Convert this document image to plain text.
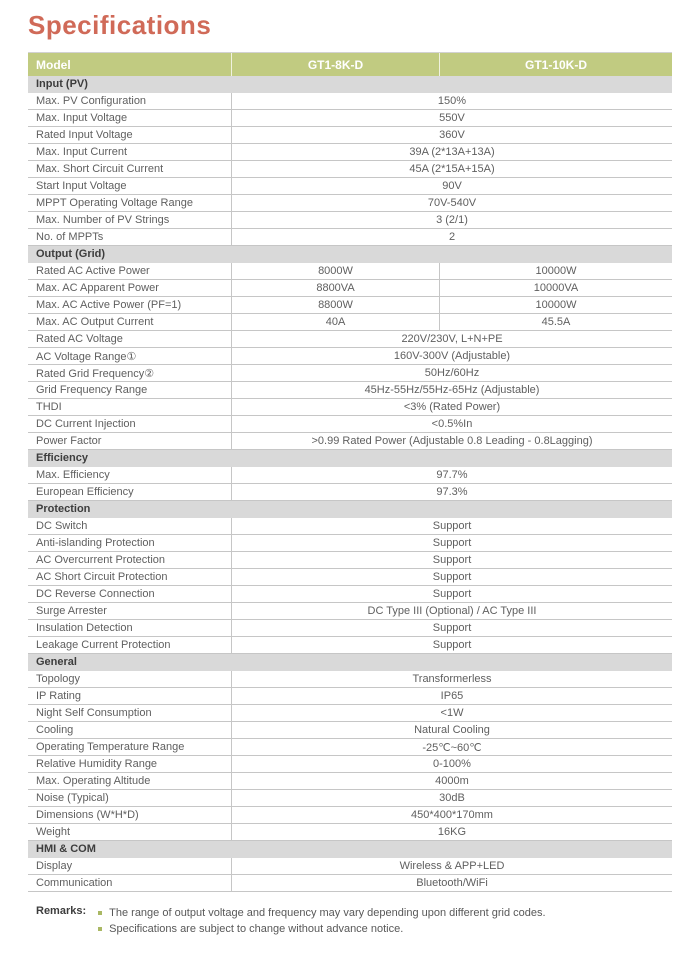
Specifications
Model	GT1-8K-D	GT1-10K-D
Input (PV)
Max. PV Configuration	150%
Max. Input Voltage	550V
Rated Input Voltage	360V
Max. Input Current	39A (2*13A+13A)
Max. Short Circuit Current	45A (2*15A+15A)
Start Input Voltage	90V
MPPT Operating Voltage Range	70V-540V
Max. Number of PV Strings	3 (2/1)
No. of MPPTs	2
Output (Grid)
Rated AC Active Power	8000W	10000W
Max. AC Apparent Power	8800VA	10000VA
Max. AC Active Power (PF=1)	8800W	10000W
Max. AC Output Current	40A	45.5A
Rated AC Voltage	220V/230V, L+N+PE
AC Voltage Range①	160V-300V (Adjustable)
Rated Grid Frequency②	50Hz/60Hz
Grid Frequency Range	45Hz-55Hz/55Hz-65Hz (Adjustable)
THDI	<3% (Rated Power)
DC Current Injection	<0.5%In
Power Factor	>0.99 Rated Power (Adjustable 0.8 Leading - 0.8Lagging)
Efficiency
Max. Efficiency	97.7%
European Efficiency	97.3%
Protection
DC Switch	Support
Anti-islanding Protection	Support
AC Overcurrent Protection	Support
AC Short Circuit Protection	Support
DC Reverse Connection	Support
Surge Arrester	DC Type III (Optional) / AC Type III
Insulation Detection	Support
Leakage Current Protection	Support
General
Topology	Transformerless
IP Rating	IP65
Night Self Consumption	<1W
Cooling	Natural Cooling
Operating Temperature Range	-25℃~60℃
Relative Humidity Range	0-100%
Max. Operating Altitude	4000m
Noise (Typical)	30dB
Dimensions (W*H*D)	450*400*170mm
Weight	16KG
HMI & COM
Display	Wireless & APP+LED
Communication	Bluetooth/WiFi
Remarks: The range of output voltage and frequency may vary depending upon different grid codes.
Specifications are subject to change without advance notice.
